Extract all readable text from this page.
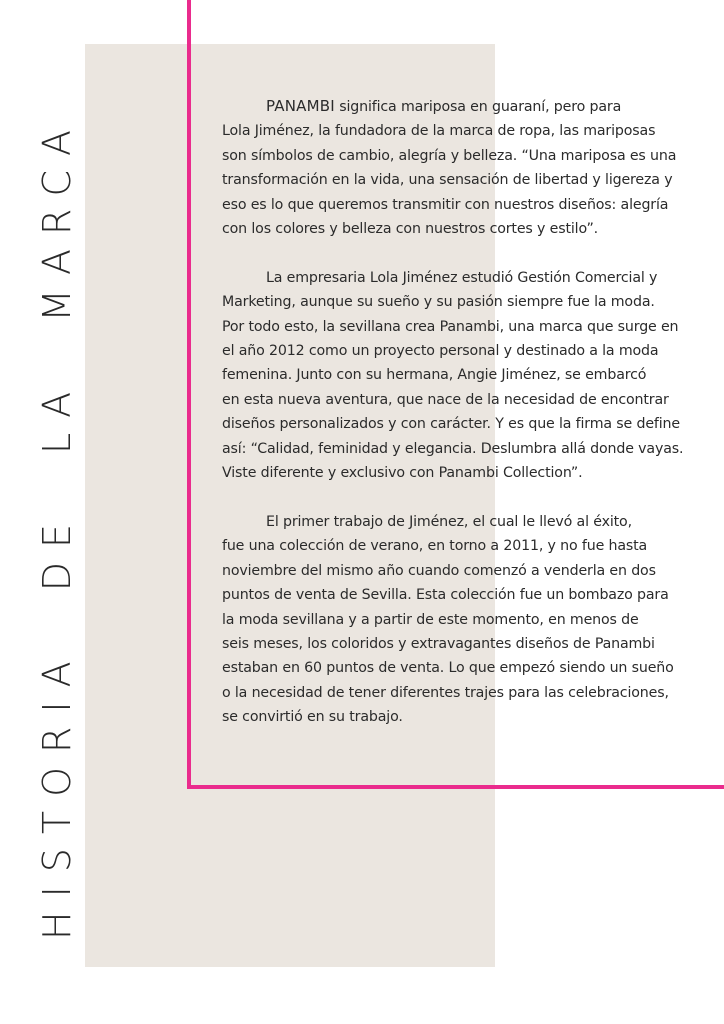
HISTORIA DE LA MARCA

PANAMBI significa mariposa en guaraní, pero para
Lola Jiménez, la fundadora de la marca de ropa, las mariposas
son símbolos de cambio, alegría y belleza. “Una mariposa es una
transformación en la vida, una sensación de libertad y ligereza y
eso es lo que queremos transmitir con nuestros diseños: alegría
con los colores y belleza con nuestros cortes y estilo”.

La empresaria Lola Jiménez estudió Gestión Comercial y
Marketing, aunque su sueño y su pasión siempre fue la moda.
Por todo esto, la sevillana crea Panambi, una marca que surge en
el año 2012 como un proyecto personal y destinado a la moda
femenina. Junto con su hermana, Angie Jiménez, se embarcó
en esta nueva aventura, que nace de la necesidad de encontrar
diseños personalizados y con carácter. Y es que la firma se define
así: “Calidad, feminidad y elegancia. Deslumbra allá donde vayas.
Viste diferente y exclusivo con Panambi Collection”.

El primer trabajo de Jiménez, el cual le llevó al éxito,
fue una colección de verano, en torno a 2011, y no fue hasta
noviembre del mismo año cuando comenzó a venderla en dos
puntos de venta de Sevilla. Esta colección fue un bombazo para
la moda sevillana y a partir de este momento, en menos de
seis meses, los coloridos y extravagantes diseños de Panambi
estaban en 60 puntos de venta. Lo que empezó siendo un sueño
o la necesidad de tener diferentes trajes para las celebraciones,
se convirtió en su trabajo.
